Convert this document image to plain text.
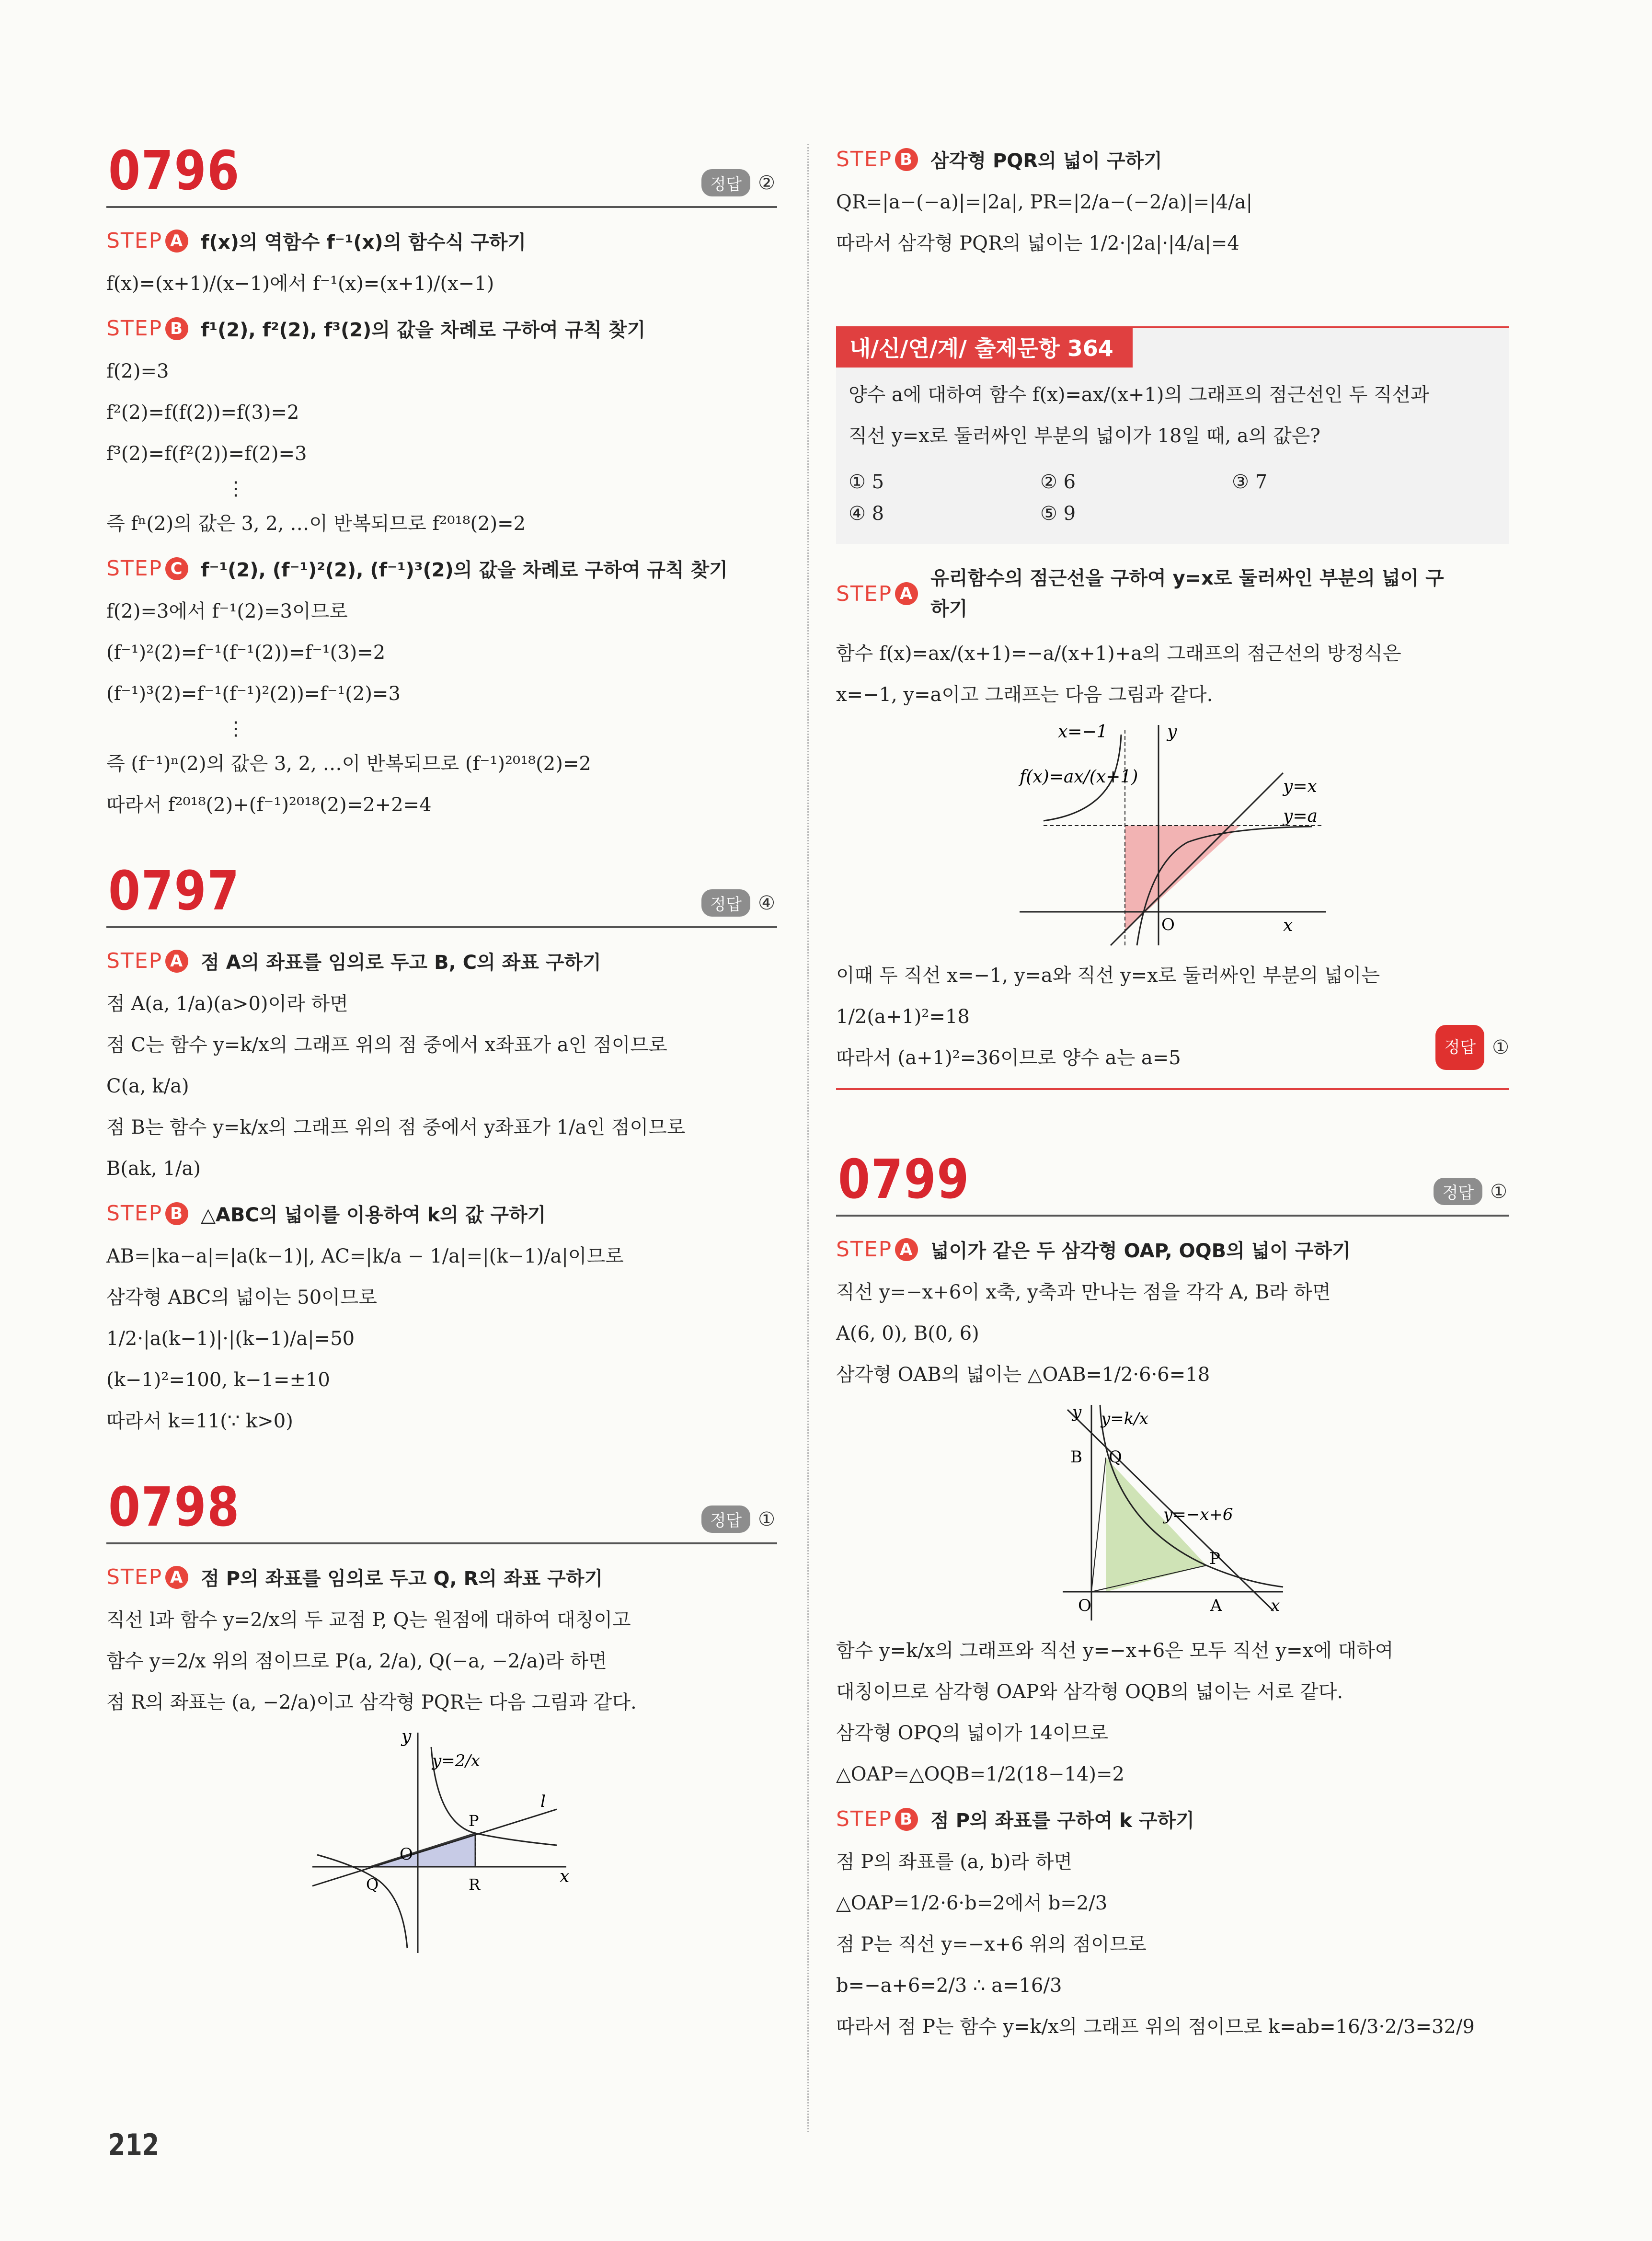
0796	정답 ②
STEP A f(x)의 역함수 f⁻¹(x)의 함수식 구하기
f(x)=(x+1)/(x−1)에서 f⁻¹(x)=(x+1)/(x−1)
STEP B f¹(2), f²(2), f³(2)의 값을 차례로 구하여 규칙 찾기
f(2)=3
f²(2)=f(f(2))=f(3)=2
f³(2)=f(f²(2))=f(2)=3
⋮
즉 fⁿ(2)의 값은 3, 2, …이 반복되므로 f²⁰¹⁸(2)=2
STEP C f⁻¹(2), (f⁻¹)²(2), (f⁻¹)³(2)의 값을 차례로 구하여 규칙 찾기
f(2)=3에서 f⁻¹(2)=3이므로
(f⁻¹)²(2)=f⁻¹(f⁻¹(2))=f⁻¹(3)=2
(f⁻¹)³(2)=f⁻¹(f⁻¹)²(2))=f⁻¹(2)=3
⋮
즉 (f⁻¹)ⁿ(2)의 값은 3, 2, …이 반복되므로 (f⁻¹)²⁰¹⁸(2)=2
따라서 f²⁰¹⁸(2)+(f⁻¹)²⁰¹⁸(2)=2+2=4
0797	정답 ④
STEP A 점 A의 좌표를 임의로 두고 B, C의 좌표 구하기
점 A(a, 1/a)(a>0)이라 하면
점 C는 함수 y=k/x의 그래프 위의 점 중에서 x좌표가 a인 점이므로
C(a, k/a)
점 B는 함수 y=k/x의 그래프 위의 점 중에서 y좌표가 1/a인 점이므로
B(ak, 1/a)
STEP B △ABC의 넓이를 이용하여 k의 값 구하기
AB=|ka−a|=|a(k−1)|, AC=|k/a − 1/a|=|(k−1)/a|이므로
삼각형 ABC의 넓이는 50이므로
1/2·|a(k−1)|·|(k−1)/a|=50
(k−1)²=100, k−1=±10
따라서 k=11(∵ k>0)
0798	정답 ①
STEP A 점 P의 좌표를 임의로 두고 Q, R의 좌표 구하기
직선 l과 함수 y=2/x의 두 교점 P, Q는 원점에 대하여 대칭이고
함수 y=2/x 위의 점이므로 P(a, 2/a), Q(−a, −2/a)라 하면
점 R의 좌표는 (a, −2/a)이고 삼각형 PQR는 다음 그림과 같다.
y
x
O
y=2/x
l
P
Q	R
STEP B 삼각형 PQR의 넓이 구하기
QR=|a−(−a)|=|2a|, PR=|2/a−(−2/a)|=|4/a|
따라서 삼각형 PQR의 넓이는 1/2·|2a|·|4/a|=4
내/신/연/계/ 출제문항 364
양수 a에 대하여 함수 f(x)=ax/(x+1)의 그래프의 점근선인 두 직선과
직선 y=x로 둘러싸인 부분의 넓이가 18일 때, a의 값은?
① 5	② 6	③ 7
④ 8	⑤ 9
STEP A
유리함수의 점근선을 구하여 y=x로 둘러싸인 부분의 넓이 구하기
함수 f(x)=ax/(x+1)=−a/(x+1)+a의 그래프의 점근선의 방정식은
x=−1, y=a이고 그래프는 다음 그림과 같다.
x=−1	y
f(x)=ax/(x+1)	y=x
y=a
O	x
이때 두 직선 x=−1, y=a와 직선 y=x로 둘러싸인 부분의 넓이는
1/2(a+1)²=18
따라서 (a+1)²=36이므로 양수 a는 a=5	정답 ①
0799	정답 ①
STEP A 넓이가 같은 두 삼각형 OAP, OQB의 넓이 구하기
직선 y=−x+6이 x축, y축과 만나는 점을 각각 A, B라 하면
A(6, 0), B(0, 6)
삼각형 OAB의 넓이는 △OAB=1/2·6·6=18
y y=k/x
B Q
y=−x+6
P
O	A	x
함수 y=k/x의 그래프와 직선 y=−x+6은 모두 직선 y=x에 대하여
대칭이므로 삼각형 OAP와 삼각형 OQB의 넓이는 서로 같다.
삼각형 OPQ의 넓이가 14이므로
△OAP=△OQB=1/2(18−14)=2
STEP B 점 P의 좌표를 구하여 k 구하기
점 P의 좌표를 (a, b)라 하면
△OAP=1/2·6·b=2에서 b=2/3
점 P는 직선 y=−x+6 위의 점이므로
b=−a+6=2/3 ∴ a=16/3
따라서 점 P는 함수 y=k/x의 그래프 위의 점이므로 k=ab=16/3·2/3=32/9
212
